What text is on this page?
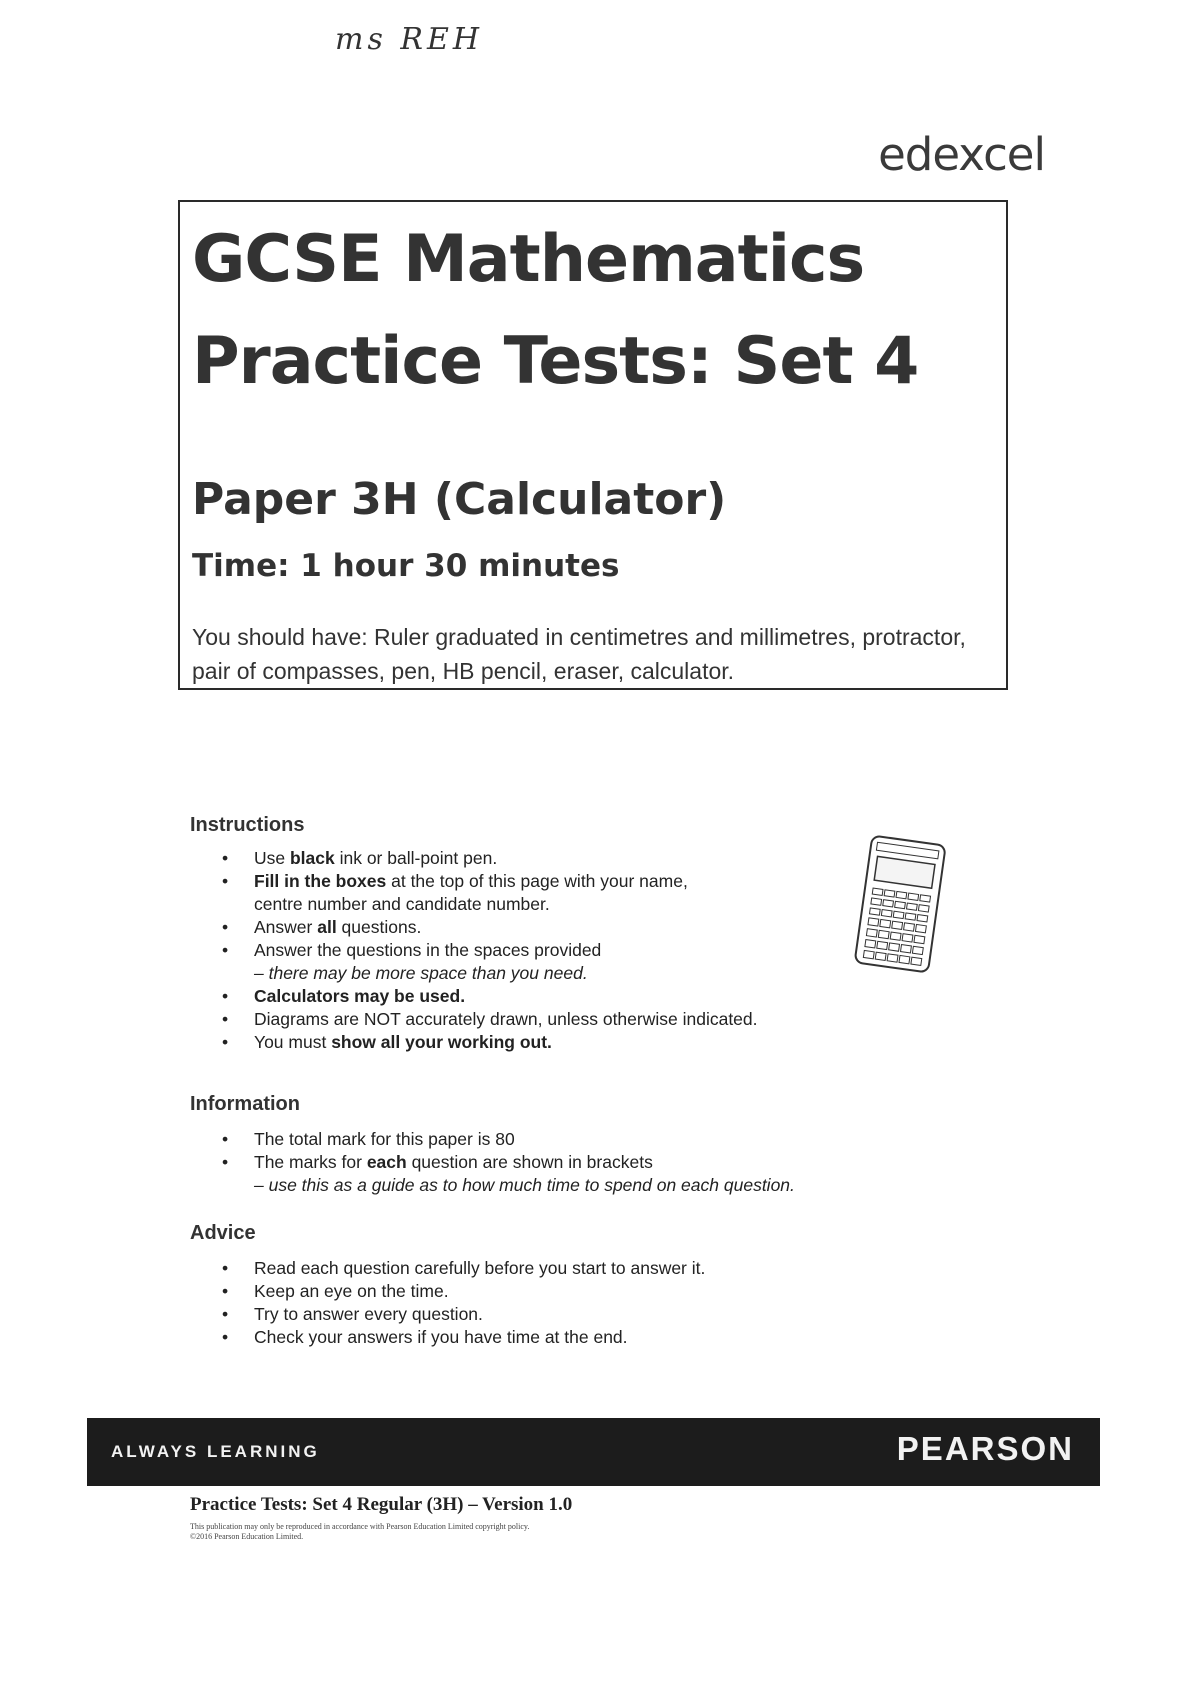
ms REH
edexcel
GCSE Mathematics
Practice Tests: Set 4
Paper 3H (Calculator)
Time: 1 hour 30 minutes

You should have: Ruler graduated in centimetres and millimetres, protractor, pair of compasses, pen, HB pencil, eraser, calculator.

Instructions
• Use black ink or ball-point pen.
• Fill in the boxes at the top of this page with your name,
centre number and candidate number.
• Answer all questions.
• Answer the questions in the spaces provided
– there may be more space than you need.
• Calculators may be used.
• Diagrams are NOT accurately drawn, unless otherwise indicated.
• You must show all your working out.
Information
• The total mark for this paper is 80
• The marks for each question are shown in brackets
– use this as a guide as to how much time to spend on each question.
Advice
• Read each question carefully before you start to answer it.
• Keep an eye on the time.
• Try to answer every question.
• Check your answers if you have time at the end.
ALWAYS LEARNING	PEARSON

Practice Tests: Set 4 Regular (3H) – Version 1.0

This publication may only be reproduced in accordance with Pearson Education Limited copyright policy.

©2016 Pearson Education Limited.
